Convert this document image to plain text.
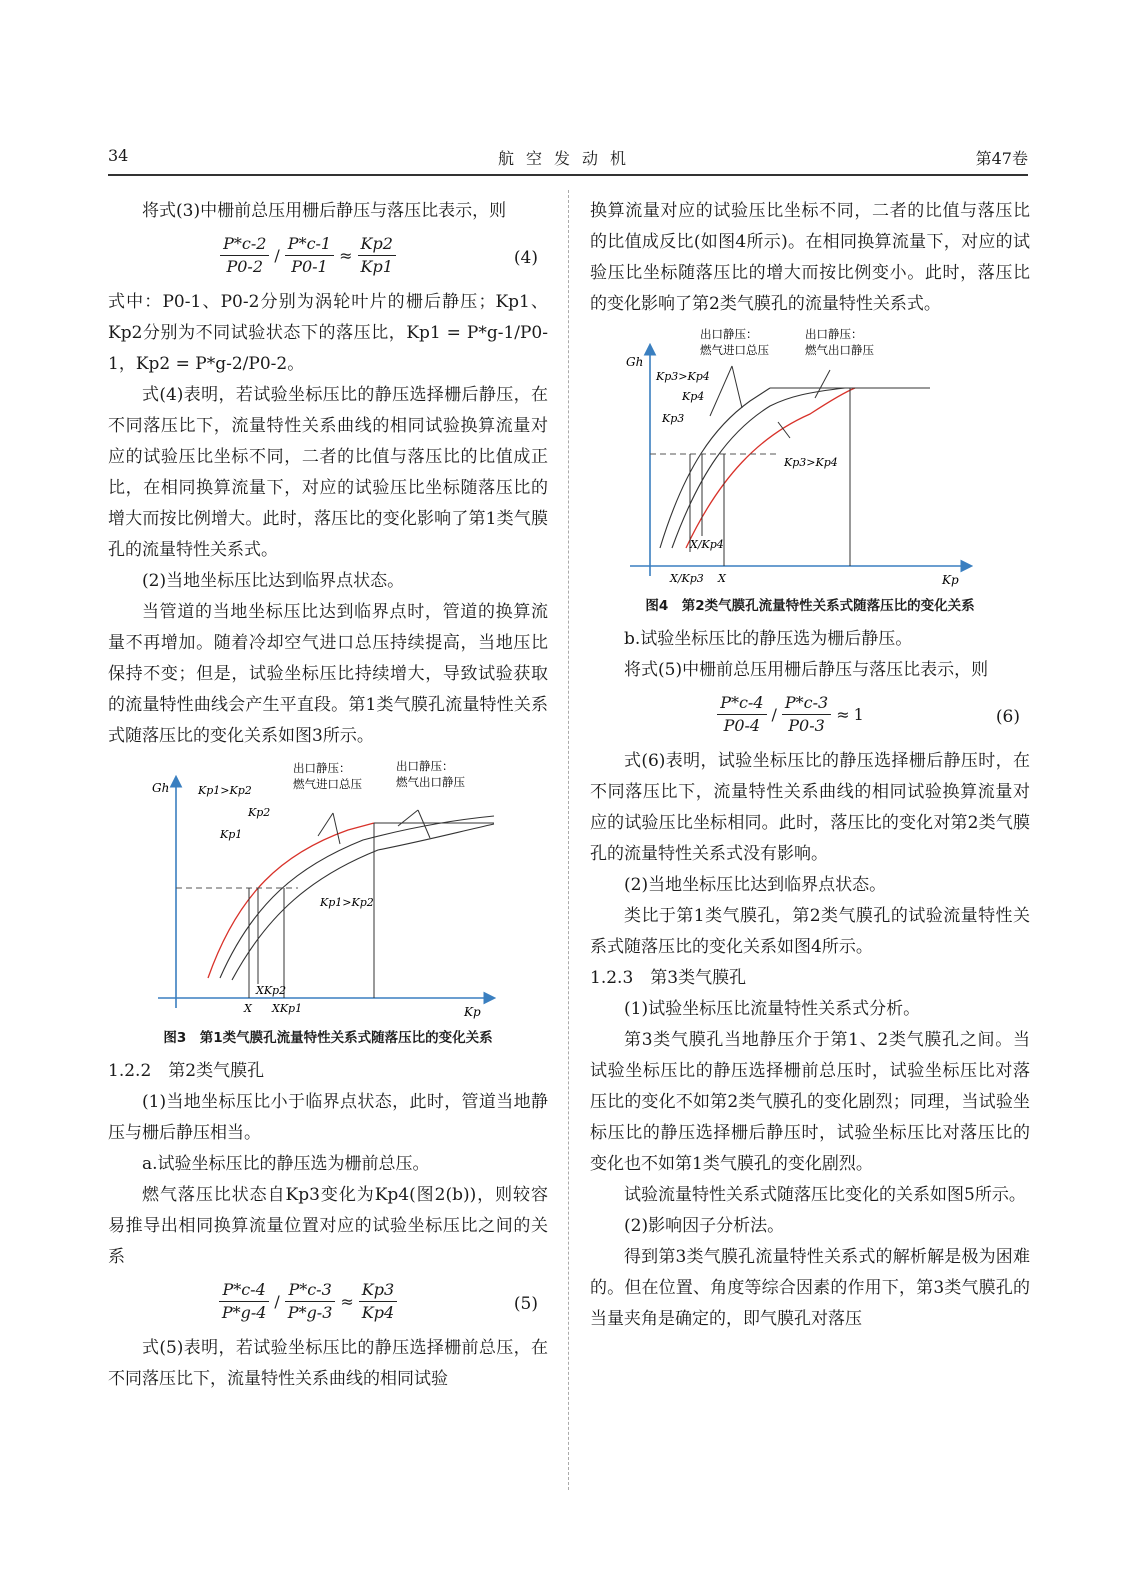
34	航空发动机	第47卷

将式(3)中栅前总压用栅后静压与落压比表示，则

$\frac{P*c-2}{P0-2} / \frac{P*c-1}{P0-1} \approx \frac{Kp2}{Kp1}$	(4)

式中：P0-1、P0-2分别为涡轮叶片的栅后静压；Kp1、Kp2分别为不同试验状态下的落压比，Kp1 = P*g-1/P0-1，Kp2 = P*g-2/P0-2。

式(4)表明，若试验坐标压比的静压选择栅后静压，在不同落压比下，流量特性关系曲线的相同试验换算流量对应的试验压比坐标不同，二者的比值与落压比的比值成正比，在相同换算流量下，对应的试验压比坐标随落压比的增大而按比例增大。此时，落压比的变化影响了第1类气膜孔的流量特性关系式。

(2)当地坐标压比达到临界点状态。

当管道的当地坐标压比达到临界点时，管道的换算流量不再增加。随着冷却空气进口总压持续提高，当地压比保持不变；但是，试验坐标压比持续增大，导致试验获取的流量特性曲线会产生平直段。第1类气膜孔流量特性关系式随落压比的变化关系如图3所示。

Gh
Kp
出口静压：
燃气进口总压
出口静压：
燃气出口静压
Kp1>Kp2
Kp1>Kp2
Kp2
Kp1
X
XKp2
XKp1
图3　第1类气膜孔流量特性关系式随落压比的变化关系

1.2.2　第2类气膜孔

(1)当地坐标压比小于临界点状态，此时，管道当地静压与栅后静压相当。

a.试验坐标压比的静压选为栅前总压。

燃气落压比状态自Kp3变化为Kp4(图2(b))，则较容易推导出相同换算流量位置对应的试验坐标压比之间的关系

$\frac{P*c-4}{P*g-4} / \frac{P*c-3}{P*g-3} \approx \frac{Kp3}{Kp4}$	(5)

式(5)表明，若试验坐标压比的静压选择栅前总压，在不同落压比下，流量特性关系曲线的相同试验

换算流量对应的试验压比坐标不同，二者的比值与落压比的比值成反比(如图4所示)。在相同换算流量下，对应的试验压比坐标随落压比的增大而按比例变小。此时，落压比的变化影响了第2类气膜孔的流量特性关系式。

Gh
Kp
出口静压：
燃气进口总压
出口静压：
燃气出口静压
Kp3>Kp4
Kp3>Kp4
Kp4
Kp3
X/Kp3 X
X/Kp4
图4　第2类气膜孔流量特性关系式随落压比的变化关系

b.试验坐标压比的静压选为栅后静压。

将式(5)中栅前总压用栅后静压与落压比表示，则

$\frac{P*c-4}{P0-4} / \frac{P*c-3}{P0-3} \approx 1$	(6)

式(6)表明，试验坐标压比的静压选择栅后静压时，在不同落压比下，流量特性关系曲线的相同试验换算流量对应的试验压比坐标相同。此时，落压比的变化对第2类气膜孔的流量特性关系式没有影响。

(2)当地坐标压比达到临界点状态。

类比于第1类气膜孔，第2类气膜孔的试验流量特性关系式随落压比的变化关系如图4所示。

1.2.3　第3类气膜孔

(1)试验坐标压比流量特性关系式分析。

第3类气膜孔当地静压介于第1、2类气膜孔之间。当试验坐标压比的静压选择栅前总压时，试验坐标压比对落压比的变化不如第2类气膜孔的变化剧烈；同理，当试验坐标压比的静压选择栅后静压时，试验坐标压比对落压比的变化也不如第1类气膜孔的变化剧烈。

试验流量特性关系式随落压比变化的关系如图5所示。

(2)影响因子分析法。

得到第3类气膜孔流量特性关系式的解析解是极为困难的。但在位置、角度等综合因素的作用下，第3类气膜孔的当量夹角是确定的，即气膜孔对落压
